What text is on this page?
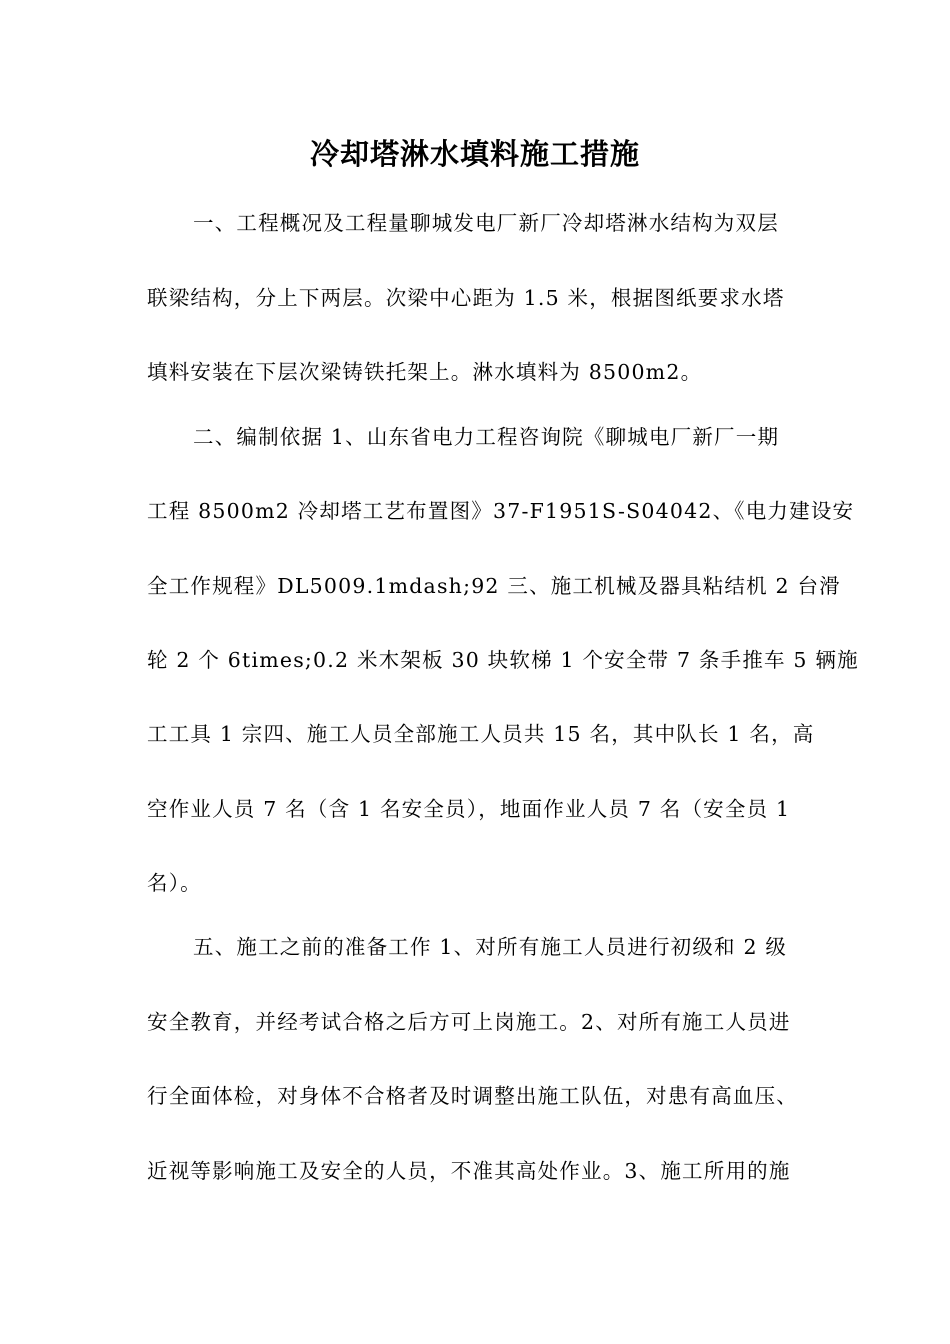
冷却塔淋水填料施工措施

一、工程概况及工程量聊城发电厂新厂冷却塔淋水结构为双层

联梁结构，分上下两层。次梁中心距为 1.5 米，根据图纸要求水塔

填料安装在下层次梁铸铁托架上。淋水填料为 8500m2。

二、编制依据 1、山东省电力工程咨询院《聊城电厂新厂一期

工程 8500m2 冷却塔工艺布置图》37-F1951S-S04042、《电力建设安

全工作规程》DL5009.1mdash;92 三、施工机械及器具粘结机 2 台滑

轮 2 个 6times;0.2 米木架板 30 块软梯 1 个安全带 7 条手推车 5 辆施

工工具 1 宗四、施工人员全部施工人员共 15 名，其中队长 1 名，高

空作业人员 7 名（含 1 名安全员），地面作业人员 7 名（安全员 1

名）。

五、施工之前的准备工作 1、对所有施工人员进行初级和 2 级

安全教育，并经考试合格之后方可上岗施工。2、对所有施工人员进

行全面体检，对身体不合格者及时调整出施工队伍，对患有高血压、

近视等影响施工及安全的人员，不准其高处作业。3、施工所用的施
